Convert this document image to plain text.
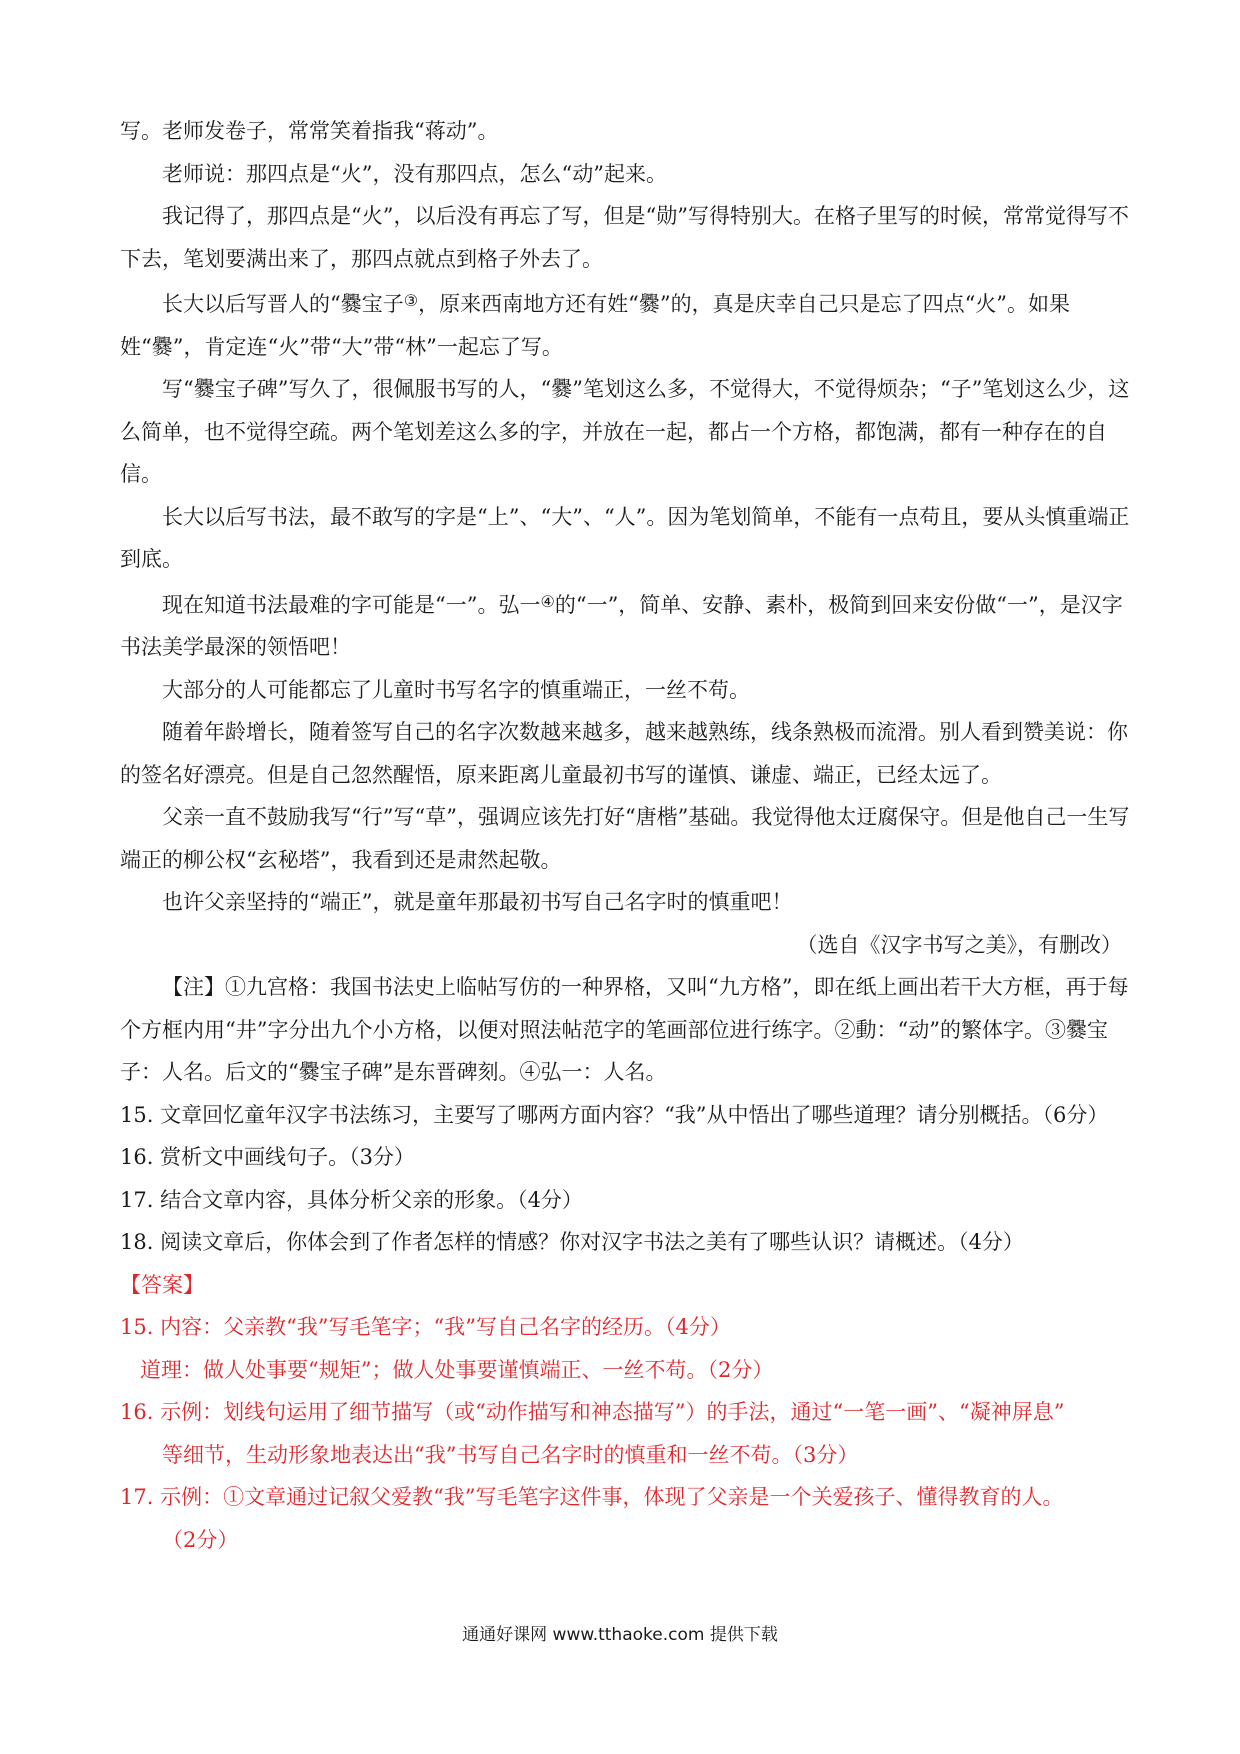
写。老师发卷子，常常笑着指我“蒋动”。

老师说：那四点是“火”，没有那四点，怎么“动”起来。

我记得了，那四点是“火”，以后没有再忘了写，但是“勋”写得特别大。在格子里写的时候，常常觉得写不下去，笔划要满出来了，那四点就点到格子外去了。

长大以后写晋人的“爨宝子③，原来西南地方还有姓“爨”的，真是庆幸自己只是忘了四点“火”。如果姓“爨”，肯定连“火”带“大”带“林”一起忘了写。

写“爨宝子碑”写久了，很佩服书写的人，“爨”笔划这么多，不觉得大，不觉得烦杂；“子”笔划这么少，这么简单，也不觉得空疏。两个笔划差这么多的字，并放在一起，都占一个方格，都饱满，都有一种存在的自信。

长大以后写书法，最不敢写的字是“上”、“大”、“人”。因为笔划简单，不能有一点苟且，要从头慎重端正到底。

现在知道书法最难的字可能是“一”。弘一④的“一”，简单、安静、素朴，极简到回来安份做“一”，是汉字书法美学最深的领悟吧！

大部分的人可能都忘了儿童时书写名字的慎重端正，一丝不苟。

随着年龄增长，随着签写自己的名字次数越来越多，越来越熟练，线条熟极而流滑。别人看到赞美说：你的签名好漂亮。但是自己忽然醒悟，原来距离儿童最初书写的谨慎、谦虚、端正，已经太远了。

父亲一直不鼓励我写“行”写“草”，强调应该先打好“唐楷”基础。我觉得他太迂腐保守。但是他自己一生写端正的柳公权“玄秘塔”，我看到还是肃然起敬。

也许父亲坚持的“端正”，就是童年那最初书写自己名字时的慎重吧！

（选自《汉字书写之美》，有删改）

【注】①九宫格：我国书法史上临帖写仿的一种界格，又叫“九方格”，即在纸上画出若干大方框，再于每个方框内用“井”字分出九个小方格，以便对照法帖范字的笔画部位进行练字。②動：“动”的繁体字。③爨宝子：人名。后文的“爨宝子碑”是东晋碑刻。④弘一：人名。

15. 文章回忆童年汉字书法练习，主要写了哪两方面内容？“我”从中悟出了哪些道理？请分别概括。（6分）

16. 赏析文中画线句子。（3分）

17. 结合文章内容，具体分析父亲的形象。（4分）

18. 阅读文章后，你体会到了作者怎样的情感？你对汉字书法之美有了哪些认识？请概述。（4分）

【答案】

15. 内容：父亲教“我”写毛笔字；“我”写自己名字的经历。（4分）

道理：做人处事要“规矩”；做人处事要谨慎端正、一丝不苟。（2分）

16. 示例：划线句运用了细节描写（或“动作描写和神态描写”）的手法，通过“一笔一画”、“凝神屏息”

等细节，生动形象地表达出“我”书写自己名字时的慎重和一丝不苟。（3分）

17. 示例：①文章通过记叙父爱教“我”写毛笔字这件事，体现了父亲是一个关爱孩子、懂得教育的人。

（2分）

通通好课网 www.tthaoke.com 提供下载
